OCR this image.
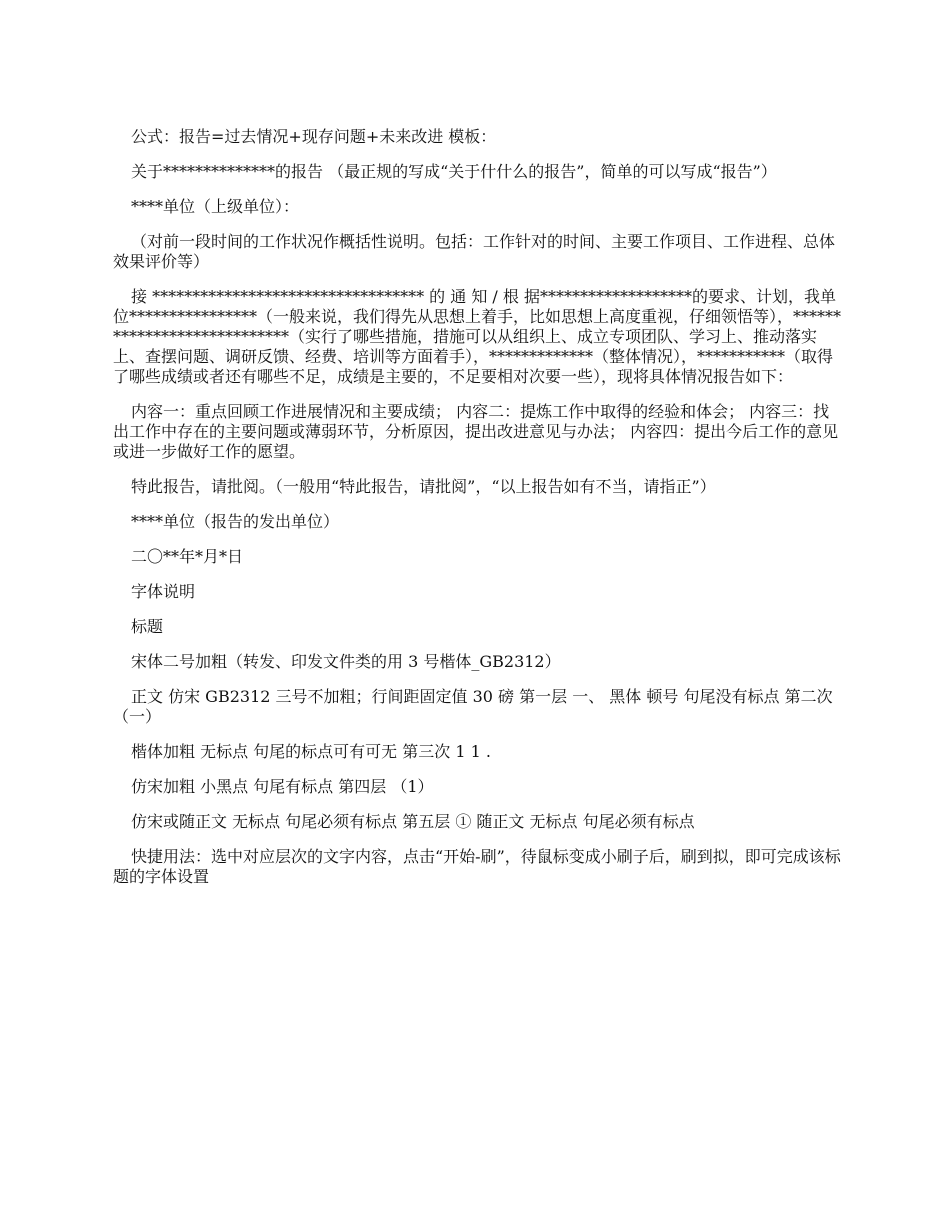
公式：报告=过去情况+现存问题+未来改进 模板：

关于**************的报告 （最正规的写成“关于什什么的报告”，简单的可以写成“报告”）

****单位（上级单位）：

（对前一段时间的工作状况作概括性说明。包括：工作针对的时间、主要工作项目、工作进程、总体效果评价等）

接 ********************************** 的 通 知 / 根 据*******************的要求、计划，我单位****************（一般来说，我们得先从思想上着手，比如思想上高度重视，仔细领悟等），****************************（实行了哪些措施，措施可以从组织上、成立专项团队、学习上、推动落实上、查摆问题、调研反馈、经费、培训等方面着手），*************（整体情况），***********（取得了哪些成绩或者还有哪些不足，成绩是主要的，不足要相对次要一些），现将具体情况报告如下：

内容一：重点回顾工作进展情况和主要成绩； 内容二：提炼工作中取得的经验和体会； 内容三：找出工作中存在的主要问题或薄弱环节，分析原因，提出改进意见与办法； 内容四：提出今后工作的意见或进一步做好工作的愿望。

特此报告，请批阅。（一般用“特此报告，请批阅”，“以上报告如有不当，请指正”）

****单位（报告的发出单位）

二〇**年*月*日

字体说明

标题

宋体二号加粗（转发、印发文件类的用 3 号楷体_GB2312）

正文 仿宋 GB2312 三号不加粗；行间距固定值 30 磅 第一层 一、 黑体 顿号 句尾没有标点 第二次 （一）

楷体加粗 无标点 句尾的标点可有可无 第三次 1 1 .

仿宋加粗 小黑点 句尾有标点 第四层 （1）

仿宋或随正文 无标点 句尾必须有标点 第五层 ① 随正文 无标点 句尾必须有标点

快捷用法：选中对应层次的文字内容，点击“开始-刷”，待鼠标变成小刷子后，刷到拟，即可完成该标题的字体设置
